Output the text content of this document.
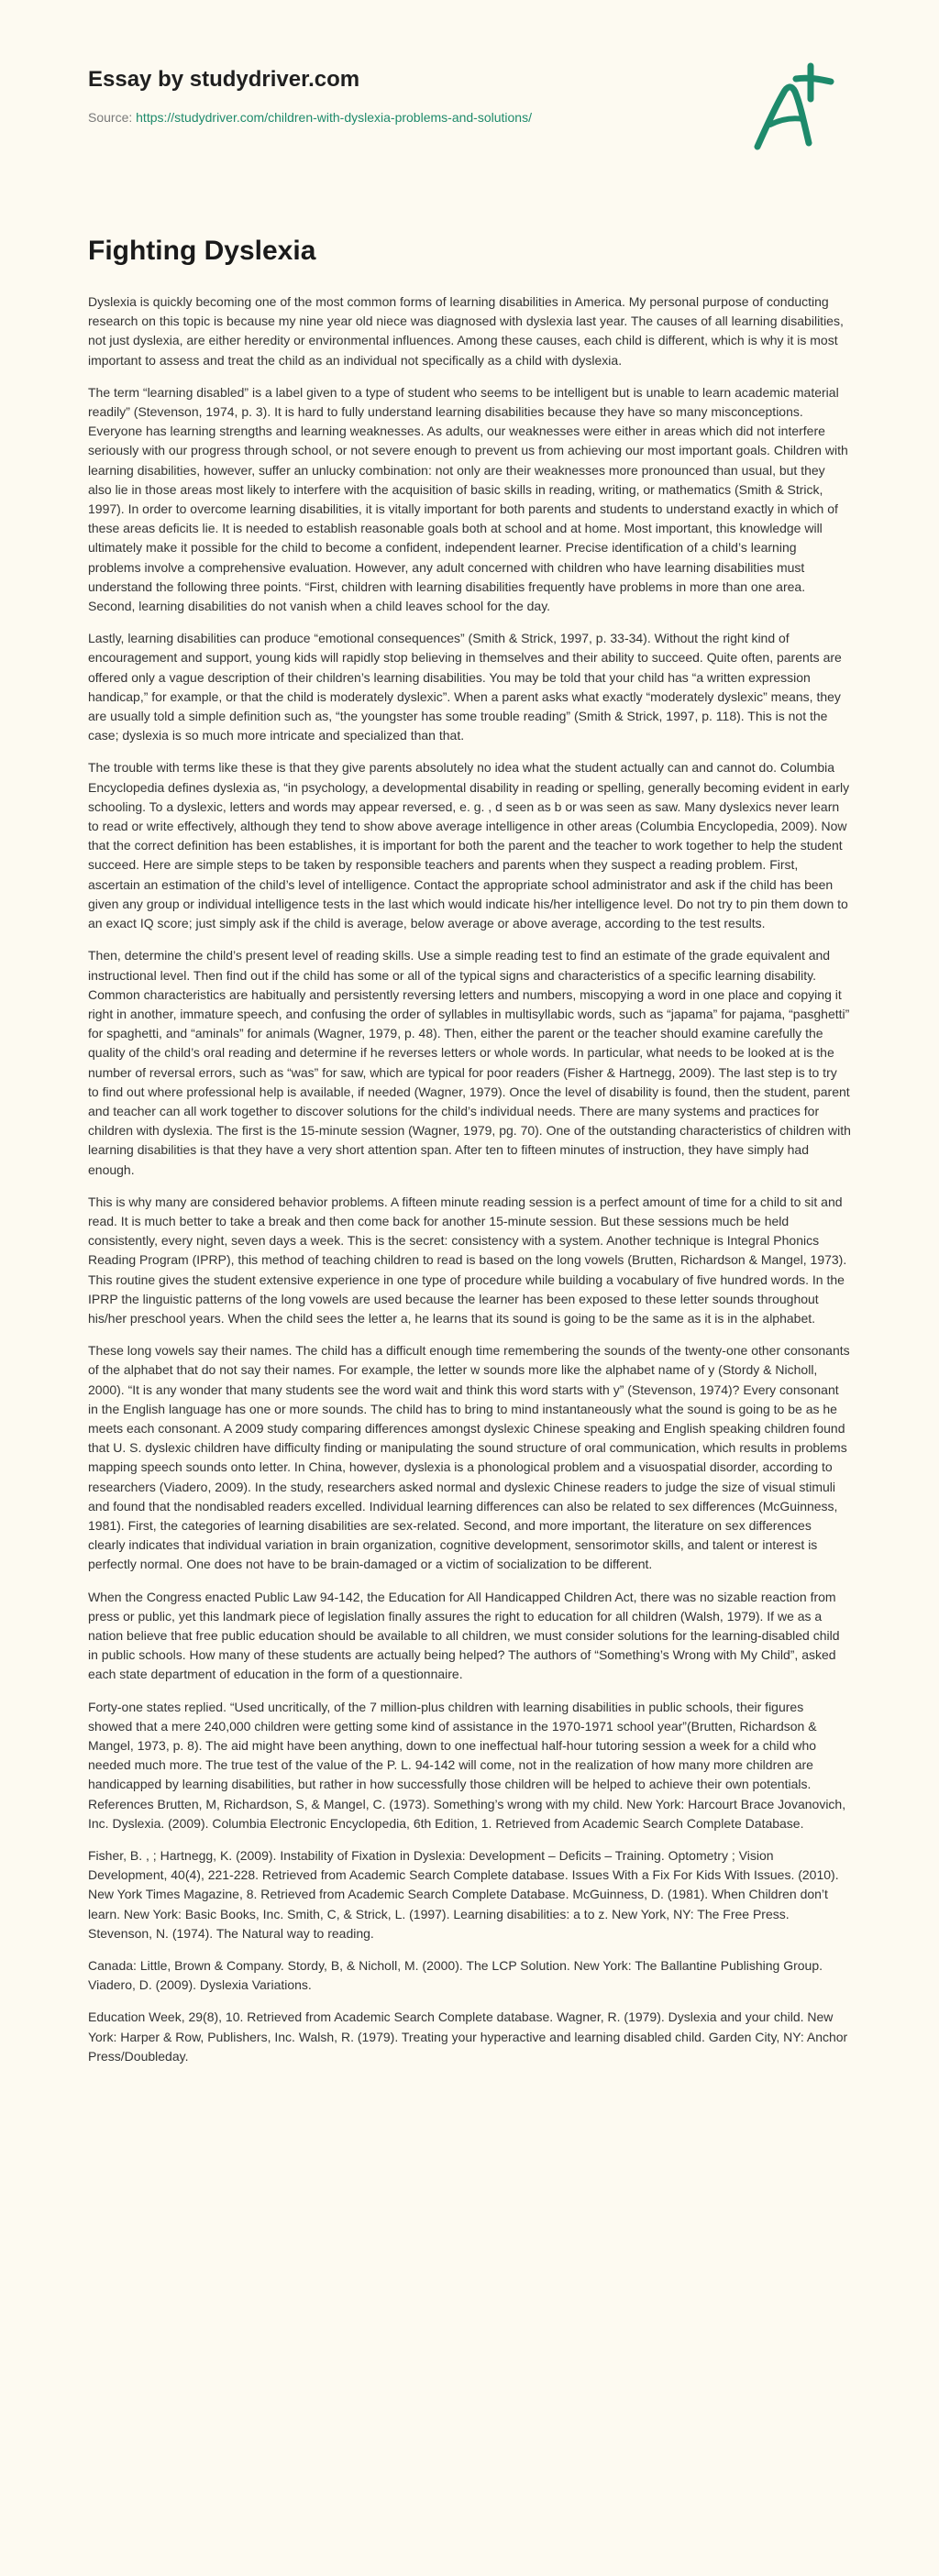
Essay by studydriver.com
Source: https://studydriver.com/children-with-dyslexia-problems-and-solutions/
Fighting Dyslexia

Dyslexia is quickly becoming one of the most common forms of learning disabilities in America. My personal purpose of conducting research on this topic is because my nine year old niece was diagnosed with dyslexia last year. The causes of all learning disabilities, not just dyslexia, are either heredity or environmental influences. Among these causes, each child is different, which is why it is most important to assess and treat the child as an individual not specifically as a child with dyslexia.

The term “learning disabled” is a label given to a type of student who seems to be intelligent but is unable to learn academic material readily” (Stevenson, 1974, p. 3). It is hard to fully understand learning disabilities because they have so many misconceptions. Everyone has learning strengths and learning weaknesses. As adults, our weaknesses were either in areas which did not interfere seriously with our progress through school, or not severe enough to prevent us from achieving our most important goals. Children with learning disabilities, however, suffer an unlucky combination: not only are their weaknesses more pronounced than usual, but they also lie in those areas most likely to interfere with the acquisition of basic skills in reading, writing, or mathematics (Smith & Strick, 1997). In order to overcome learning disabilities, it is vitally important for both parents and students to understand exactly in which of these areas deficits lie. It is needed to establish reasonable goals both at school and at home. Most important, this knowledge will ultimately make it possible for the child to become a confident, independent learner. Precise identification of a child’s learning problems involve a comprehensive evaluation. However, any adult concerned with children who have learning disabilities must understand the following three points. “First, children with learning disabilities frequently have problems in more than one area. Second, learning disabilities do not vanish when a child leaves school for the day.

Lastly, learning disabilities can produce “emotional consequences” (Smith & Strick, 1997, p. 33-34). Without the right kind of encouragement and support, young kids will rapidly stop believing in themselves and their ability to succeed. Quite often, parents are offered only a vague description of their children’s learning disabilities. You may be told that your child has “a written expression handicap,” for example, or that the child is moderately dyslexic”. When a parent asks what exactly “moderately dyslexic” means, they are usually told a simple definition such as, “the youngster has some trouble reading” (Smith & Strick, 1997, p. 118). This is not the case; dyslexia is so much more intricate and specialized than that.

The trouble with terms like these is that they give parents absolutely no idea what the student actually can and cannot do. Columbia Encyclopedia defines dyslexia as, “in psychology, a developmental disability in reading or spelling, generally becoming evident in early schooling. To a dyslexic, letters and words may appear reversed, e. g. , d seen as b or was seen as saw. Many dyslexics never learn to read or write effectively, although they tend to show above average intelligence in other areas (Columbia Encyclopedia, 2009). Now that the correct definition has been establishes, it is important for both the parent and the teacher to work together to help the student succeed. Here are simple steps to be taken by responsible teachers and parents when they suspect a reading problem. First, ascertain an estimation of the child’s level of intelligence. Contact the appropriate school administrator and ask if the child has been given any group or individual intelligence tests in the last which would indicate his/her intelligence level. Do not try to pin them down to an exact IQ score; just simply ask if the child is average, below average or above average, according to the test results.

Then, determine the child’s present level of reading skills. Use a simple reading test to find an estimate of the grade equivalent and instructional level. Then find out if the child has some or all of the typical signs and characteristics of a specific learning disability. Common characteristics are habitually and persistently reversing letters and numbers, miscopying a word in one place and copying it right in another, immature speech, and confusing the order of syllables in multisyllabic words, such as “japama” for pajama, “pasghetti” for spaghetti, and “aminals” for animals (Wagner, 1979, p. 48). Then, either the parent or the teacher should examine carefully the quality of the child’s oral reading and determine if he reverses letters or whole words. In particular, what needs to be looked at is the number of reversal errors, such as “was” for saw, which are typical for poor readers (Fisher & Hartnegg, 2009). The last step is to try to find out where professional help is available, if needed (Wagner, 1979). Once the level of disability is found, then the student, parent and teacher can all work together to discover solutions for the child’s individual needs. There are many systems and practices for children with dyslexia. The first is the 15-minute session (Wagner, 1979, pg. 70). One of the outstanding characteristics of children with learning disabilities is that they have a very short attention span. After ten to fifteen minutes of instruction, they have simply had enough.

This is why many are considered behavior problems. A fifteen minute reading session is a perfect amount of time for a child to sit and read. It is much better to take a break and then come back for another 15-minute session. But these sessions much be held consistently, every night, seven days a week. This is the secret: consistency with a system. Another technique is Integral Phonics Reading Program (IPRP), this method of teaching children to read is based on the long vowels (Brutten, Richardson & Mangel, 1973). This routine gives the student extensive experience in one type of procedure while building a vocabulary of five hundred words. In the IPRP the linguistic patterns of the long vowels are used because the learner has been exposed to these letter sounds throughout his/her preschool years. When the child sees the letter a, he learns that its sound is going to be the same as it is in the alphabet.

These long vowels say their names. The child has a difficult enough time remembering the sounds of the twenty-one other consonants of the alphabet that do not say their names. For example, the letter w sounds more like the alphabet name of y (Stordy & Nicholl, 2000). “It is any wonder that many students see the word wait and think this word starts with y” (Stevenson, 1974)? Every consonant in the English language has one or more sounds. The child has to bring to mind instantaneously what the sound is going to be as he meets each consonant. A 2009 study comparing differences amongst dyslexic Chinese speaking and English speaking children found that U. S. dyslexic children have difficulty finding or manipulating the sound structure of oral communication, which results in problems mapping speech sounds onto letter. In China, however, dyslexia is a phonological problem and a visuospatial disorder, according to researchers (Viadero, 2009). In the study, researchers asked normal and dyslexic Chinese readers to judge the size of visual stimuli and found that the nondisabled readers excelled. Individual learning differences can also be related to sex differences (McGuinness, 1981). First, the categories of learning disabilities are sex-related. Second, and more important, the literature on sex differences clearly indicates that individual variation in brain organization, cognitive development, sensorimotor skills, and talent or interest is perfectly normal. One does not have to be brain-damaged or a victim of socialization to be different.

When the Congress enacted Public Law 94-142, the Education for All Handicapped Children Act, there was no sizable reaction from press or public, yet this landmark piece of legislation finally assures the right to education for all children (Walsh, 1979). If we as a nation believe that free public education should be available to all children, we must consider solutions for the learning-disabled child in public schools. How many of these students are actually being helped? The authors of “Something’s Wrong with My Child”, asked each state department of education in the form of a questionnaire.

Forty-one states replied. “Used uncritically, of the 7 million-plus children with learning disabilities in public schools, their figures showed that a mere 240,000 children were getting some kind of assistance in the 1970-1971 school year”(Brutten, Richardson & Mangel, 1973, p. 8). The aid might have been anything, down to one ineffectual half-hour tutoring session a week for a child who needed much more. The true test of the value of the P. L. 94-142 will come, not in the realization of how many more children are handicapped by learning disabilities, but rather in how successfully those children will be helped to achieve their own potentials. References Brutten, M, Richardson, S, & Mangel, C. (1973). Something’s wrong with my child. New York: Harcourt Brace Jovanovich, Inc. Dyslexia. (2009). Columbia Electronic Encyclopedia, 6th Edition, 1. Retrieved from Academic Search Complete Database.

Fisher, B. , ; Hartnegg, K. (2009). Instability of Fixation in Dyslexia: Development – Deficits – Training. Optometry ; Vision Development, 40(4), 221-228. Retrieved from Academic Search Complete database. Issues With a Fix For Kids With Issues. (2010). New York Times Magazine, 8. Retrieved from Academic Search Complete Database. McGuinness, D. (1981). When Children don’t learn. New York: Basic Books, Inc. Smith, C, & Strick, L. (1997). Learning disabilities: a to z. New York, NY: The Free Press. Stevenson, N. (1974). The Natural way to reading.

Canada: Little, Brown & Company. Stordy, B, & Nicholl, M. (2000). The LCP Solution. New York: The Ballantine Publishing Group. Viadero, D. (2009). Dyslexia Variations.

Education Week, 29(8), 10. Retrieved from Academic Search Complete database. Wagner, R. (1979). Dyslexia and your child. New York: Harper & Row, Publishers, Inc. Walsh, R. (1979). Treating your hyperactive and learning disabled child. Garden City, NY: Anchor Press/Doubleday.
